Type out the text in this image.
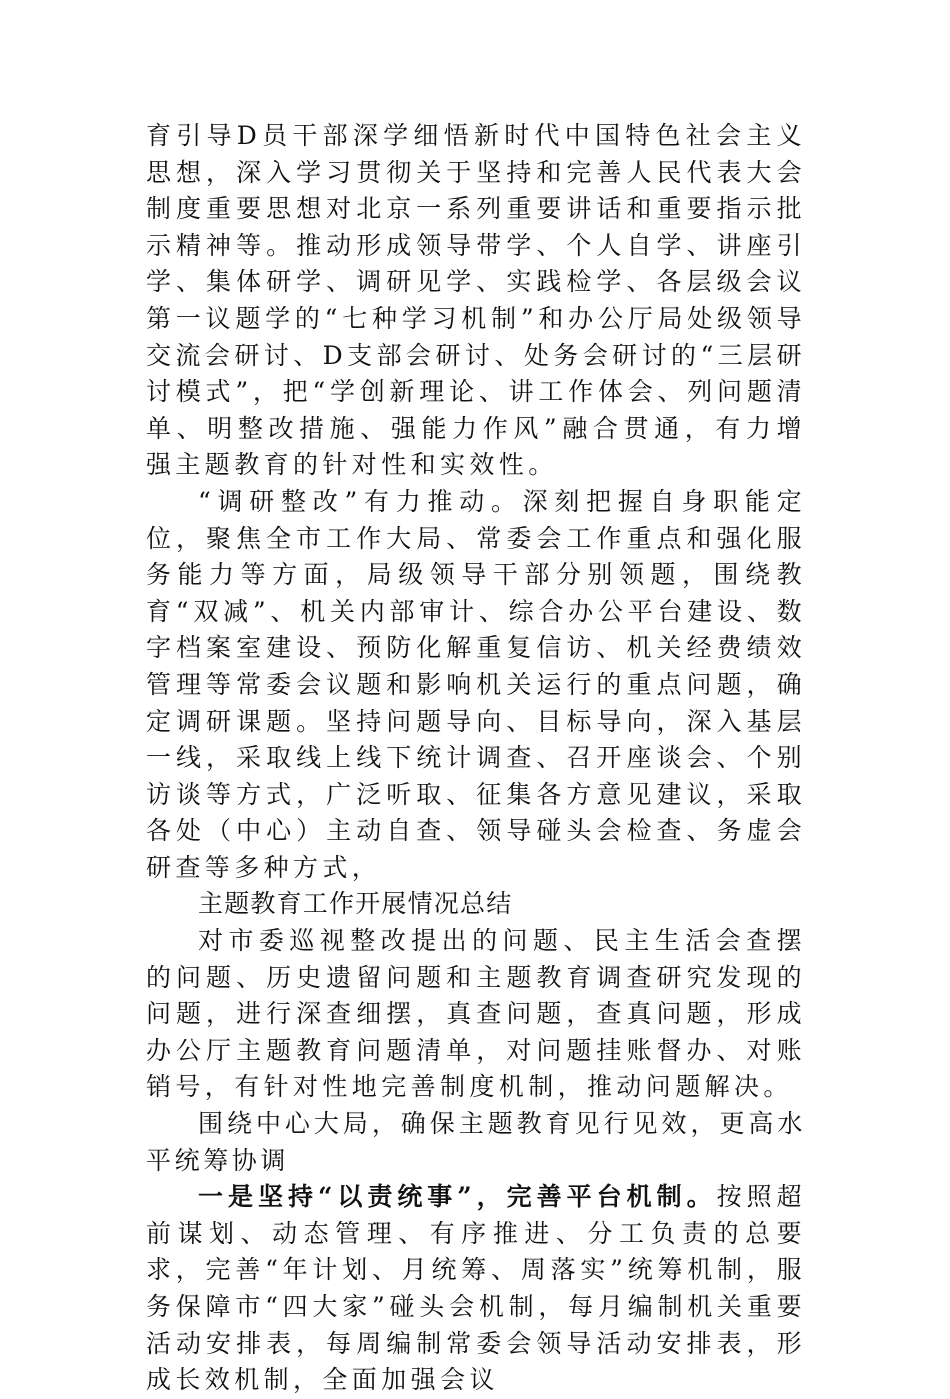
育引导D员干部深学细悟新时代中国特色社会主义思想，深入学习贯彻关于坚持和完善人民代表大会制度重要思想对北京一系列重要讲话和重要指示批示精神等。推动形成领导带学、个人自学、讲座引学、集体研学、调研见学、实践检学、各层级会议第一议题学的“七种学习机制”和办公厅局处级领导交流会研讨、D支部会研讨、处务会研讨的“三层研讨模式”，把“学创新理论、讲工作体会、列问题清单、明整改措施、强能力作风”融合贯通，有力增强主题教育的针对性和实效性。

“调研整改”有力推动。深刻把握自身职能定位，聚焦全市工作大局、常委会工作重点和强化服务能力等方面，局级领导干部分别领题，围绕教育“双减”、机关内部审计、综合办公平台建设、数字档案室建设、预防化解重复信访、机关经费绩效管理等常委会议题和影响机关运行的重点问题，确定调研课题。坚持问题导向、目标导向，深入基层一线，采取线上线下统计调查、召开座谈会、个别访谈等方式，广泛听取、征集各方意见建议，采取各处（中心）主动自查、领导碰头会检查、务虚会研查等多种方式，

主题教育工作开展情况总结

对市委巡视整改提出的问题、民主生活会查摆的问题、历史遗留问题和主题教育调查研究发现的问题，进行深查细摆，真查问题，查真问题，形成办公厅主题教育问题清单，对问题挂账督办、对账销号，有针对性地完善制度机制，推动问题解决。

围绕中心大局，确保主题教育见行见效，更高水平统筹协调

一是坚持“以责统事”，完善平台机制。按照超前谋划、动态管理、有序推进、分工负责的总要求，完善“年计划、月统筹、周落实”统筹机制，服务保障市“四大家”碰头会机制，每月编制机关重要活动安排表，每周编制常委会领导活动安排表，形成长效机制，全面加强会议
